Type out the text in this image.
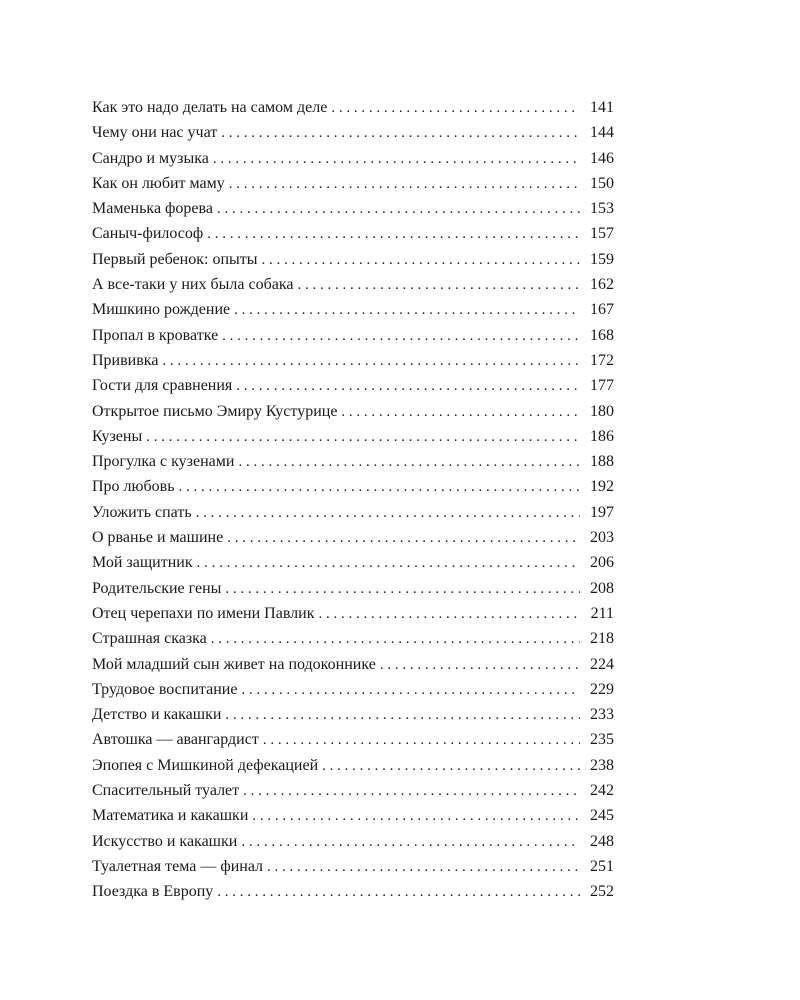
Как это надо делать на самом деле . . .	141
Чему они нас учат . . .	144
Сандро и музыка . . .	146
Как он любит маму . . .	150
Маменька форева . . .	153
Саныч-философ . . .	157
Первый ребенок: опыты . . .	159
А все-таки у них была собака . . .	162
Мишкино рождение . . .	167
Пропал в кроватке . . .	168
Прививка . . .	172
Гости для сравнения . . .	177
Открытое письмо Эмиру Кустурице . . .	180
Кузены . . .	186
Прогулка с кузенами . . .	188
Про любовь . . .	192
Уложить спать . . .	197
О рванье и машине . . .	203
Мой защитник . . .	206
Родительские гены . . .	208
Отец черепахи по имени Павлик . . .	211
Страшная сказка . . .	218
Мой младший сын живет на подоконнике . . .	224
Трудовое воспитание . . .	229
Детство и какашки . . .	233
Автошка — авангардист . . .	235
Эпопея с Мишкиной дефекацией . . .	238
Спасительный туалет . . .	242
Математика и какашки . . .	245
Искусство и какашки . . .	248
Туалетная тема — финал . . .	251
Поездка в Европу . . .	252
